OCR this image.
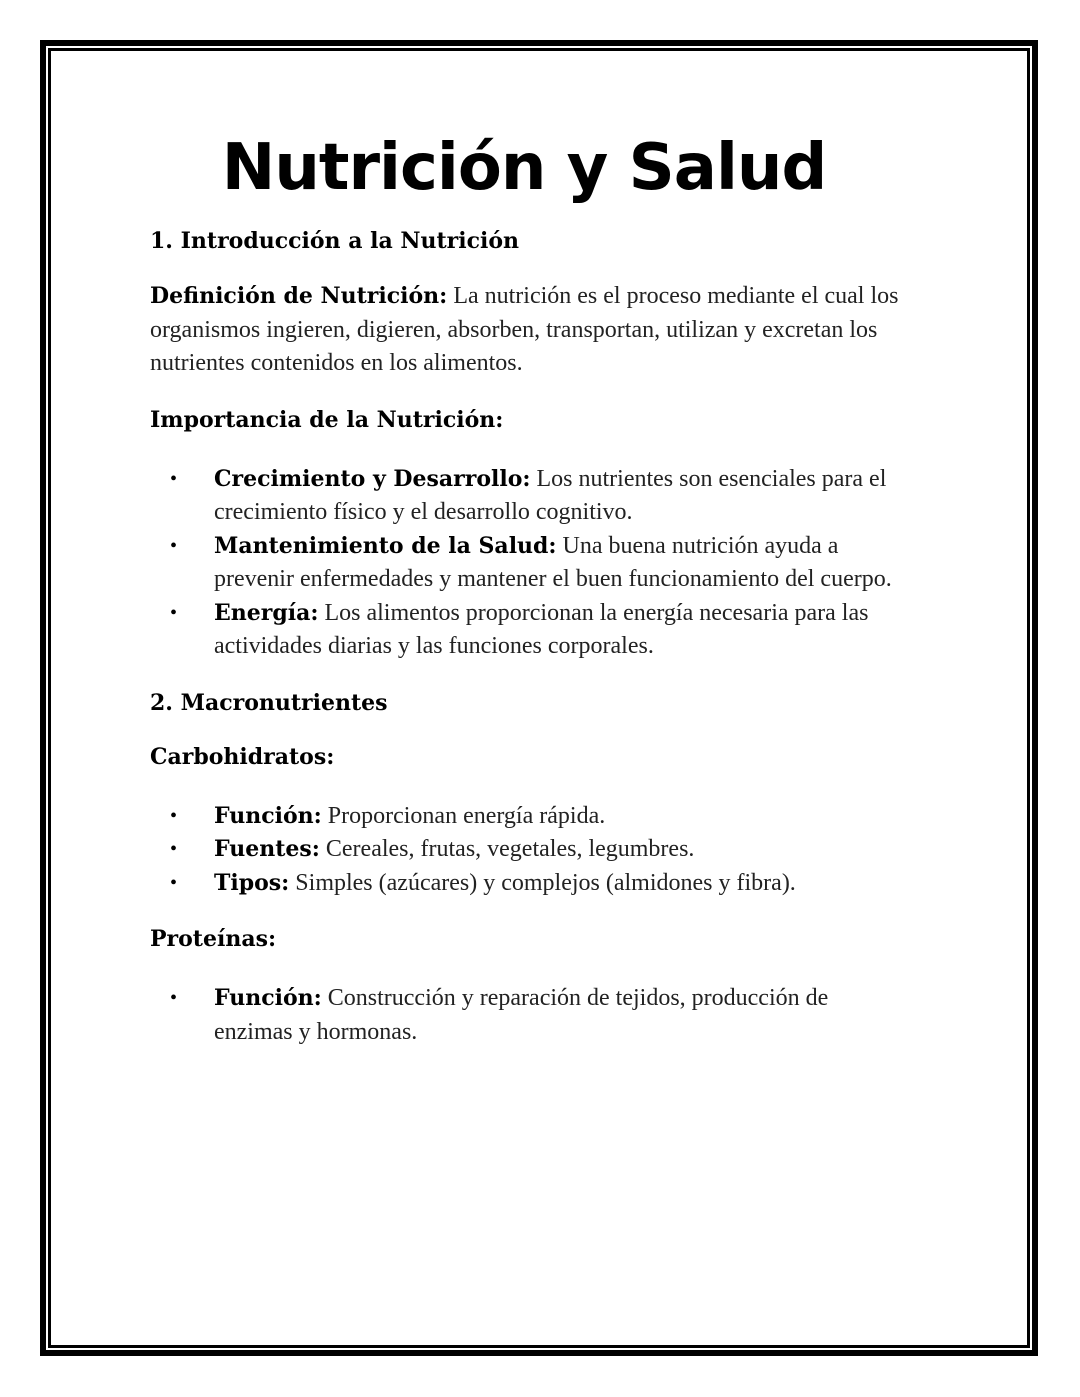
Nutrición y Salud
1. Introducción a la Nutrición

Definición de Nutrición: La nutrición es el proceso mediante el cual los organismos ingieren, digieren, absorben, transportan, utilizan y excretan los nutrientes contenidos en los alimentos.

Importancia de la Nutrición:
• Crecimiento y Desarrollo: Los nutrientes son esenciales para el crecimiento físico y el desarrollo cognitivo.
• Mantenimiento de la Salud: Una buena nutrición ayuda a prevenir enfermedades y mantener el buen funcionamiento del cuerpo.
• Energía: Los alimentos proporcionan la energía necesaria para las actividades diarias y las funciones corporales.
2. Macronutrientes
Carbohidratos:
• Función: Proporcionan energía rápida.
• Fuentes: Cereales, frutas, vegetales, legumbres.
• Tipos: Simples (azúcares) y complejos (almidones y fibra).
Proteínas:
• Función: Construcción y reparación de tejidos, producción de enzimas y hormonas.
